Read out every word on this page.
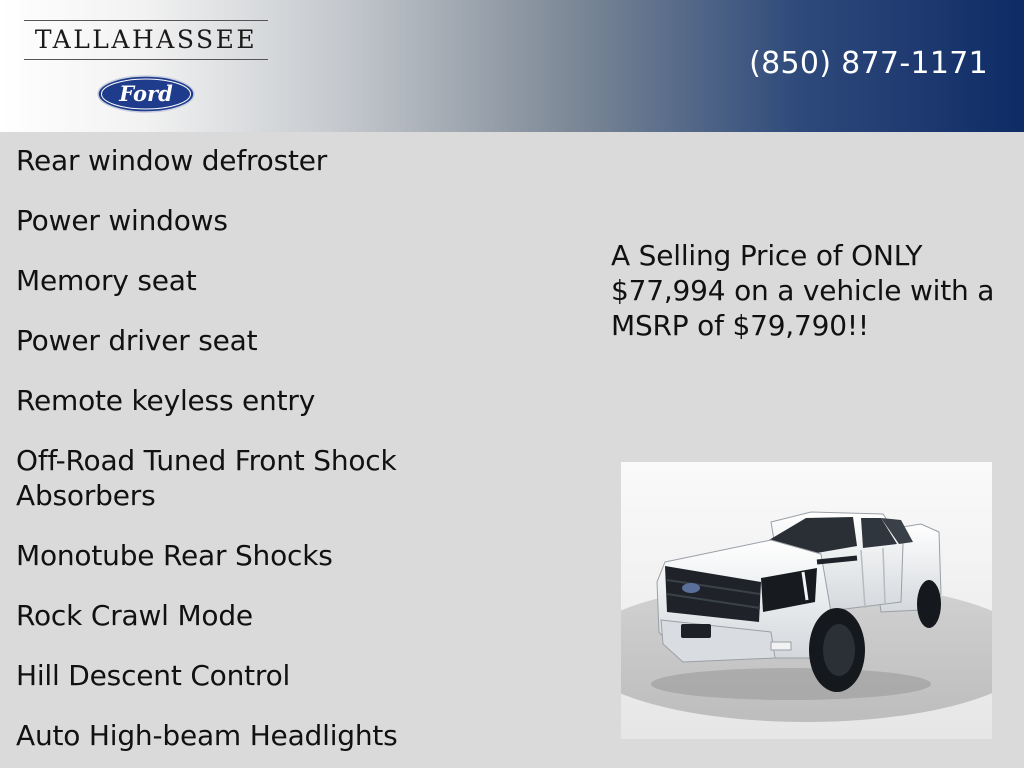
TALLAHASSEE
Ford
(850) 877-1171
Rear window defroster
Power windows
Memory seat
Power driver seat
Remote keyless entry
Off-Road Tuned Front Shock Absorbers
Monotube Rear Shocks
Rock Crawl Mode
Hill Descent Control
Auto High-beam Headlights
A Selling Price of ONLY $77,994 on a vehicle with a MSRP of $79,790!!
